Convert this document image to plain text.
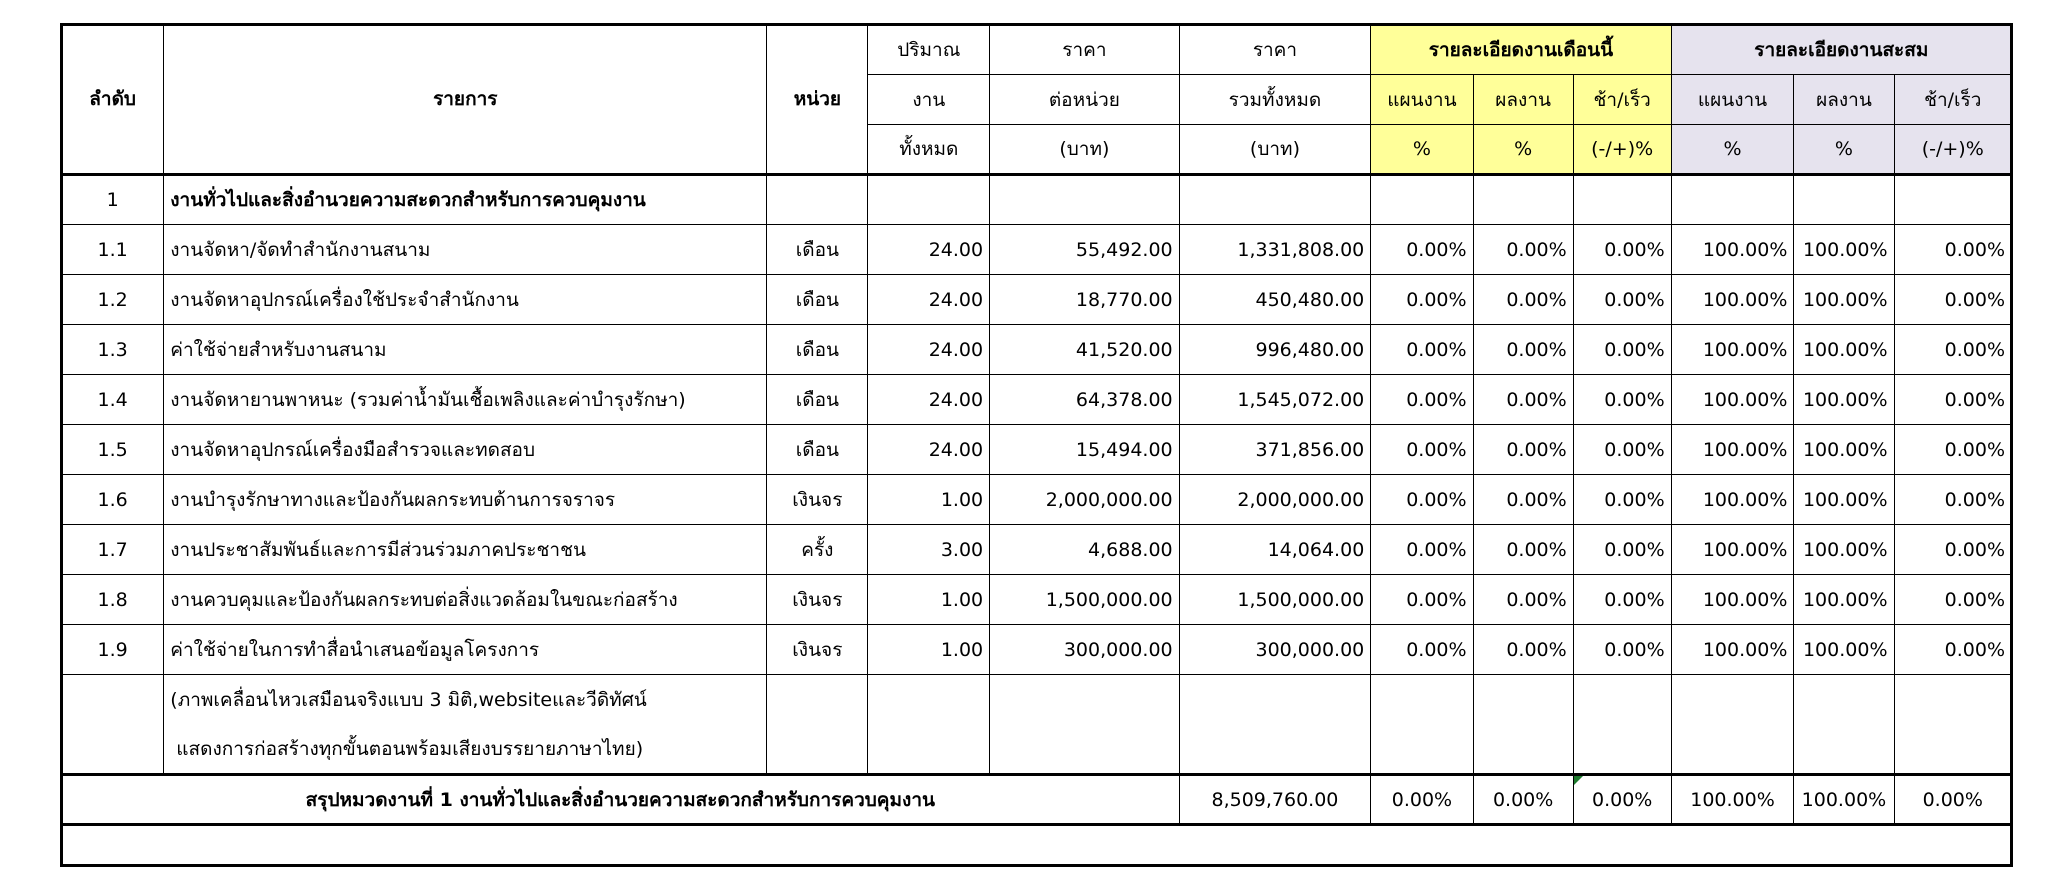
ลำดับ	รายการ	หน่วย	ปริมาณ	ราคา	ราคา	รายละเอียดงานเดือนนี้			รายละเอียดงานสะสม		
			งาน	ต่อหน่วย	รวมทั้งหมด	แผนงาน	ผลงาน	ช้า/เร็ว	แผนงาน	ผลงาน	ช้า/เร็ว
			ทั้งหมด	(บาท)	(บาท)	%	%	(-/+)%	%	%	(-/+)%
1	งานทั่วไปและสิ่งอำนวยความสะดวกสำหรับการควบคุมงาน										
1.1	งานจัดหา/จัดทำสำนักงานสนาม	เดือน	24.00	55,492.00	1,331,808.00	0.00%	0.00%	0.00%	100.00%	100.00%	0.00%
1.2	งานจัดหาอุปกรณ์เครื่องใช้ประจำสำนักงาน	เดือน	24.00	18,770.00	450,480.00	0.00%	0.00%	0.00%	100.00%	100.00%	0.00%
1.3	ค่าใช้จ่ายสำหรับงานสนาม	เดือน	24.00	41,520.00	996,480.00	0.00%	0.00%	0.00%	100.00%	100.00%	0.00%
1.4	งานจัดหายานพาหนะ (รวมค่าน้ำมันเชื้อเพลิงและค่าบำรุงรักษา)	เดือน	24.00	64,378.00	1,545,072.00	0.00%	0.00%	0.00%	100.00%	100.00%	0.00%
1.5	งานจัดหาอุปกรณ์เครื่องมือสำรวจและทดสอบ	เดือน	24.00	15,494.00	371,856.00	0.00%	0.00%	0.00%	100.00%	100.00%	0.00%
1.6	งานบำรุงรักษาทางและป้องกันผลกระทบด้านการจราจร	เงินจร	1.00	2,000,000.00	2,000,000.00	0.00%	0.00%	0.00%	100.00%	100.00%	0.00%
1.7	งานประชาสัมพันธ์และการมีส่วนร่วมภาคประชาชน	ครั้ง	3.00	4,688.00	14,064.00	0.00%	0.00%	0.00%	100.00%	100.00%	0.00%
1.8	งานควบคุมและป้องกันผลกระทบต่อสิ่งแวดล้อมในขณะก่อสร้าง	เงินจร	1.00	1,500,000.00	1,500,000.00	0.00%	0.00%	0.00%	100.00%	100.00%	0.00%
1.9	ค่าใช้จ่ายในการทำสื่อนำเสนอข้อมูลโครงการ	เงินจร	1.00	300,000.00	300,000.00	0.00%	0.00%	0.00%	100.00%	100.00%	0.00%
	(ภาพเคลื่อนไหวเสมือนจริงแบบ 3 มิติ,websiteและวีดิทัศน์										
	แสดงการก่อสร้างทุกขั้นตอนพร้อมเสียงบรรยายภาษาไทย)										
สรุปหมวดงานที่ 1 งานทั่วไปและสิ่งอำนวยความสะดวกสำหรับการควบคุมงาน					8,509,760.00	0.00%	0.00%	0.00%	100.00%	100.00%	0.00%
